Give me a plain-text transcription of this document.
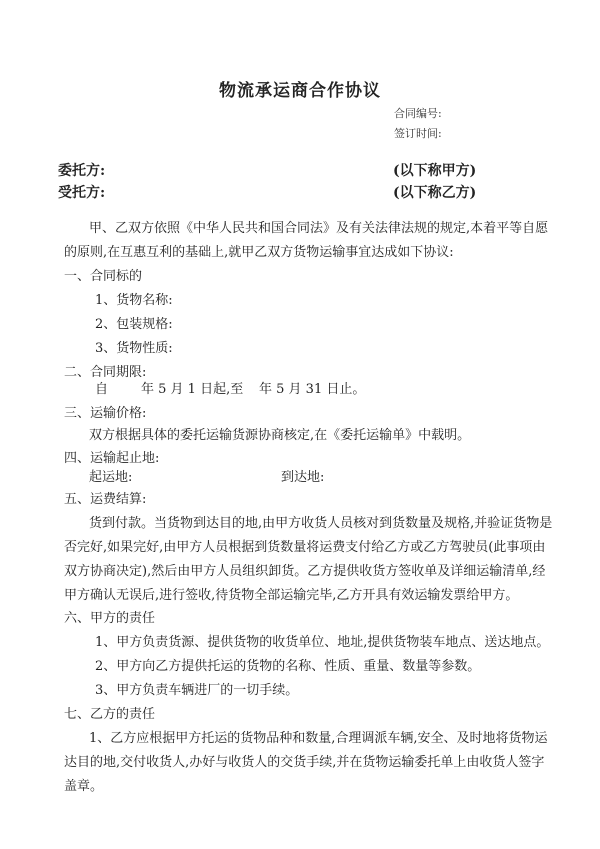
物流承运商合作协议
合同编号:
签订时间:
委托方:	(以下称甲方)
受托方:	(以下称乙方)
甲、乙双方依照《中华人民共和国合同法》及有关法律法规的规定,本着平等自愿
的原则,在互惠互利的基础上,就甲乙双方货物运输事宜达成如下协议:
一、合同标的
1、货物名称:
2、包装规格:
3、货物性质:
二、合同期限:
自	年 5 月 1 日起,至 年 5 月 31 日止。
三、运输价格:
双方根据具体的委托运输货源协商核定,在《委托运输单》中载明。
四、运输起止地:
起运地:	到达地:
五、运费结算:
货到付款。当货物到达目的地,由甲方收货人员核对到货数量及规格,并验证货物是
否完好,如果完好,由甲方人员根据到货数量将运费支付给乙方或乙方驾驶员(此事项由
双方协商决定),然后由甲方人员组织卸货。乙方提供收货方签收单及详细运输清单,经
甲方确认无误后,进行签收,待货物全部运输完毕,乙方开具有效运输发票给甲方。
六、甲方的责任
1、甲方负责货源、提供货物的收货单位、地址,提供货物装车地点、送达地点。
2、甲方向乙方提供托运的货物的名称、性质、重量、数量等参数。
3、甲方负责车辆进厂的一切手续。
七、乙方的责任
1、乙方应根据甲方托运的货物品种和数量,合理调派车辆,安全、及时地将货物运
达目的地,交付收货人,办好与收货人的交货手续,并在货物运输委托单上由收货人签字
盖章。
